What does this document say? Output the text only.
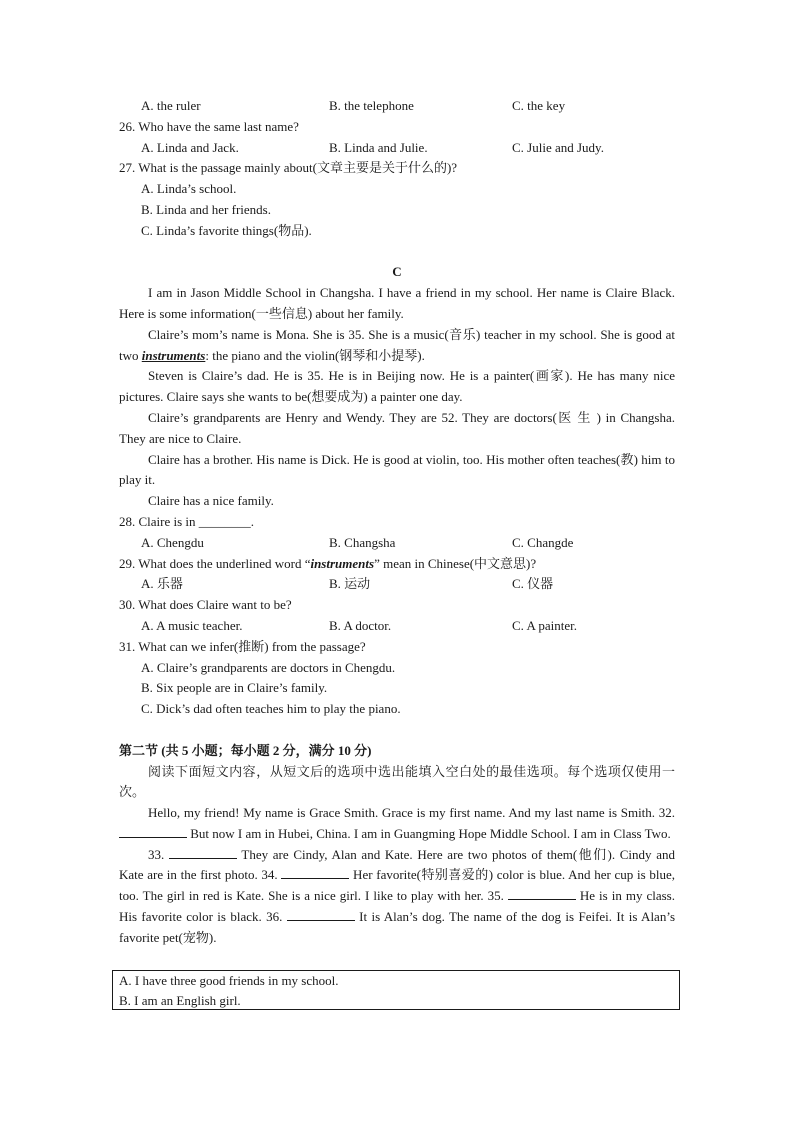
A. the ruler	B. the telephone	C. the key
26. Who have the same last name?
A. Linda and Jack.	B. Linda and Julie.	C. Julie and Judy.
27. What is the passage mainly about(文章主要是关于什么的)?
A. Linda’s school.
B. Linda and her friends.
C. Linda’s favorite things(物品).
C

I am in Jason Middle School in Changsha. I have a friend in my school. Her name is Claire Black. Here is some information(一些信息) about her family.

Claire’s mom’s name is Mona. She is 35. She is a music(音乐) teacher in my school. She is good at two instruments: the piano and the violin(钢琴和小提琴).

Steven is Claire’s dad. He is 35. He is in Beijing now. He is a painter(画家). He has many nice pictures. Claire says she wants to be(想要成为) a painter one day.

Claire’s grandparents are Henry and Wendy. They are 52. They are doctors(医 生 ) in Changsha. They are nice to Claire.

Claire has a brother. His name is Dick. He is good at violin, too. His mother often teaches(教) him to play it.

Claire has a nice family.

28. Claire is in ________.
A. Chengdu	B. Changsha	C. Changde
29. What does the underlined word “instruments” mean in Chinese(中文意思)?
A. 乐器	B. 运动	C. 仪器
30. What does Claire want to be?
A. A music teacher.	B. A doctor.	C. A painter.
31. What can we infer(推断) from the passage?
A. Claire’s grandparents are doctors in Chengdu.
B. Six people are in Claire’s family.
C. Dick’s dad often teaches him to play the piano.
第二节 (共 5 小题；每小题 2 分，满分 10 分)
阅读下面短文内容，从短文后的选项中选出能填入空白处的最佳选项。每个选项仅使用一次。

Hello, my friend! My name is Grace Smith. Grace is my first name. And my last name is Smith. 32.  But now I am in Hubei, China. I am in Guangming Hope Middle School. I am in Class Two.

33.	They are Cindy, Alan and Kate. Here are two photos of them(他们). Cindy and Kate are in the first photo. 34.	Her favorite(特别喜爱的) color is blue. And her cup is blue, too. The girl in red is Kate. She is a nice girl. I like to play with her. 35.	He is in my class. His favorite color is black. 36.	It is Alan’s dog. The name of the dog is Feifei. It is Alan’s favorite pet(宠物).

A. I have three good friends in my school.
B. I am an English girl.
